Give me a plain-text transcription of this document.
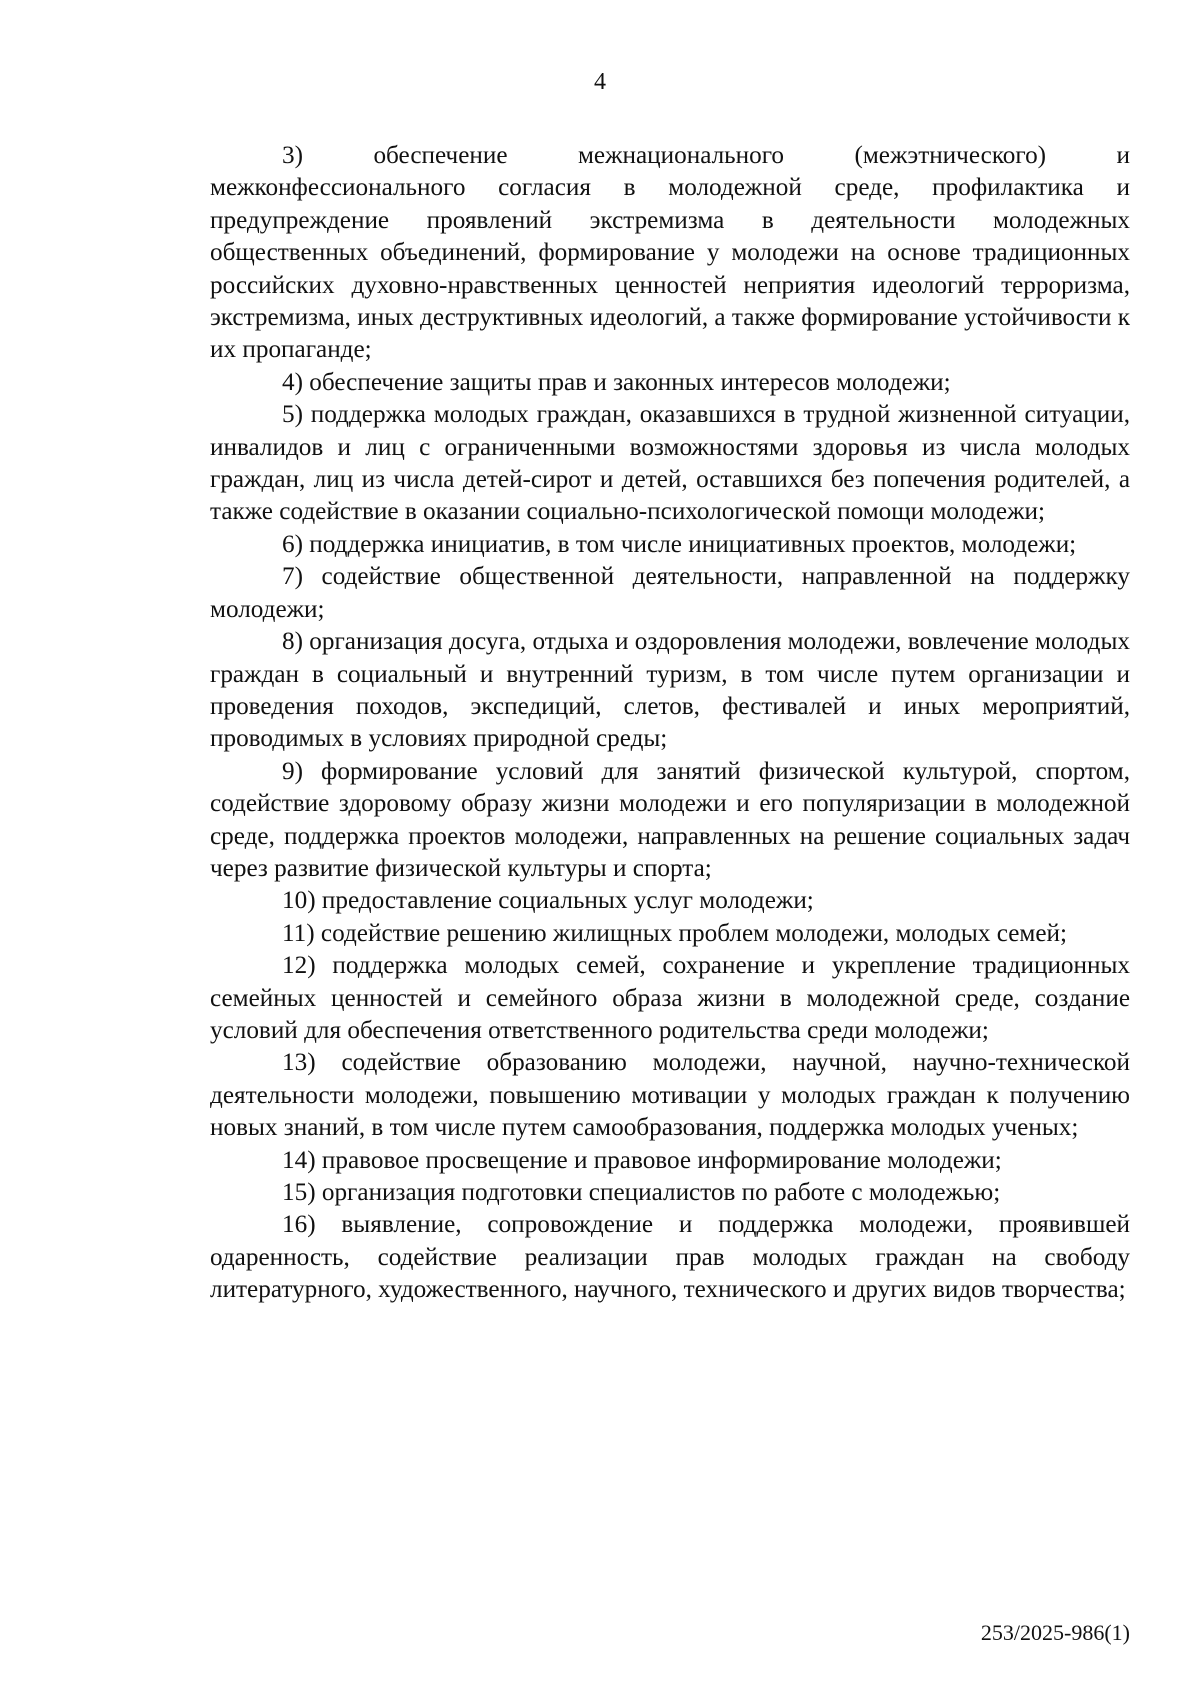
4

3) обеспечение межнационального (межэтнического) и межконфессионального согласия в молодежной среде, профилактика и предупреждение проявлений экстремизма в деятельности молодежных общественных объединений, формирование у молодежи на основе традиционных российских духовно-нравственных ценностей неприятия идеологий терроризма, экстремизма, иных деструктивных идеологий, а также формирование устойчивости к их пропаганде;

4) обеспечение защиты прав и законных интересов молодежи;

5) поддержка молодых граждан, оказавшихся в трудной жизненной ситуации, инвалидов и лиц с ограниченными возможностями здоровья из числа молодых граждан, лиц из числа детей-сирот и детей, оставшихся без попечения родителей, а также содействие в оказании социально-психологической помощи молодежи;

6) поддержка инициатив, в том числе инициативных проектов, молодежи;

7) содействие общественной деятельности, направленной на поддержку молодежи;

8) организация досуга, отдыха и оздоровления молодежи, вовлечение молодых граждан в социальный и внутренний туризм, в том числе путем организации и проведения походов, экспедиций, слетов, фестивалей и иных мероприятий, проводимых в условиях природной среды;

9) формирование условий для занятий физической культурой, спортом, содействие здоровому образу жизни молодежи и его популяризации в молодежной среде, поддержка проектов молодежи, направленных на решение социальных задач через развитие физической культуры и спорта;

10) предоставление социальных услуг молодежи;

11) содействие решению жилищных проблем молодежи, молодых семей;

12) поддержка молодых семей, сохранение и укрепление традиционных семейных ценностей и семейного образа жизни в молодежной среде, создание условий для обеспечения ответственного родительства среди молодежи;

13) содействие образованию молодежи, научной, научно-технической деятельности молодежи, повышению мотивации у молодых граждан к получению новых знаний, в том числе путем самообразования, поддержка молодых ученых;

14) правовое просвещение и правовое информирование молодежи;

15) организация подготовки специалистов по работе с молодежью;

16) выявление, сопровождение и поддержка молодежи, проявившей одаренность, содействие реализации прав молодых граждан на свободу литературного, художественного, научного, технического и других видов творчества;

253/2025-986(1)
